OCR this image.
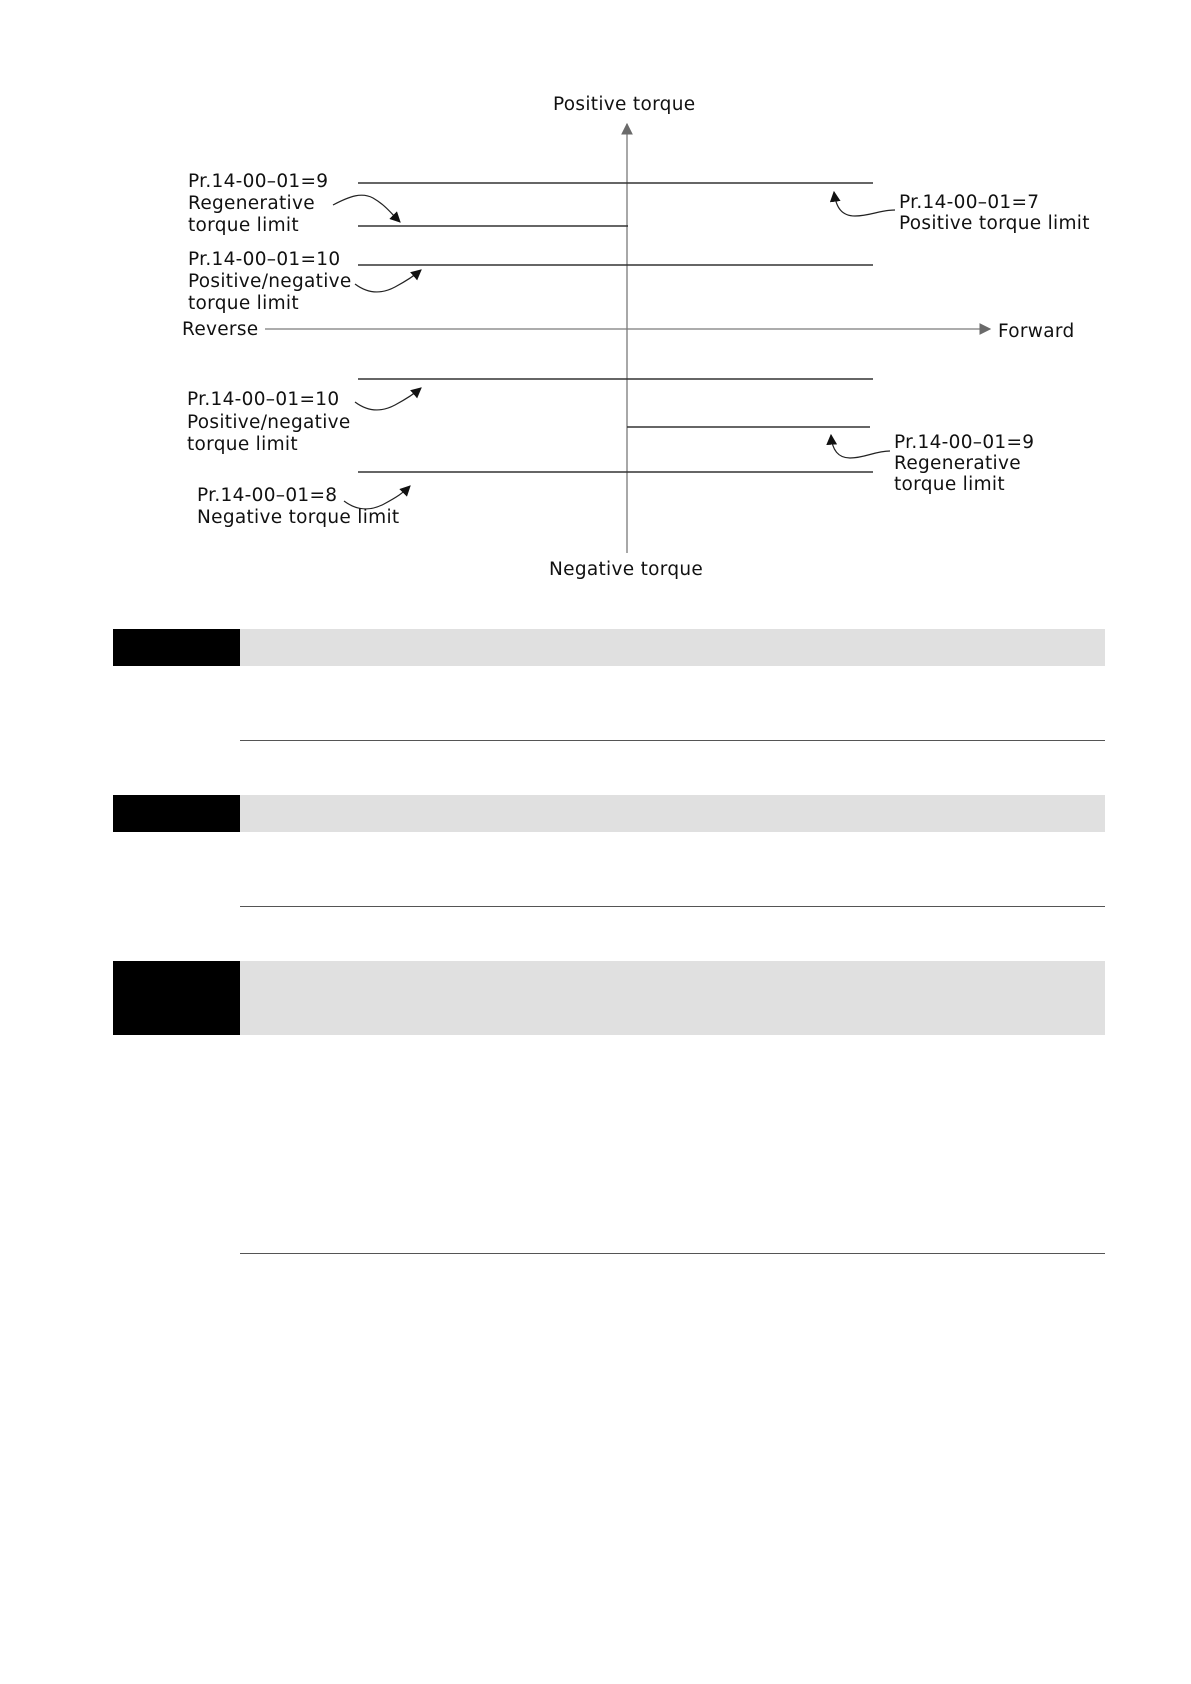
Positive torque
Negative torque
Reverse	Forward
Pr.14-00–01=9
Regenerative
torque limit
Pr.14-00–01=10
Positive/negative
torque limit
Pr.14-00–01=7
Positive torque limit
Pr.14-00–01=10
Positive/negative
torque limit	Pr.14-00–01=9
Regenerative
torque limit
Pr.14-00–01=8
Negative torque limit
